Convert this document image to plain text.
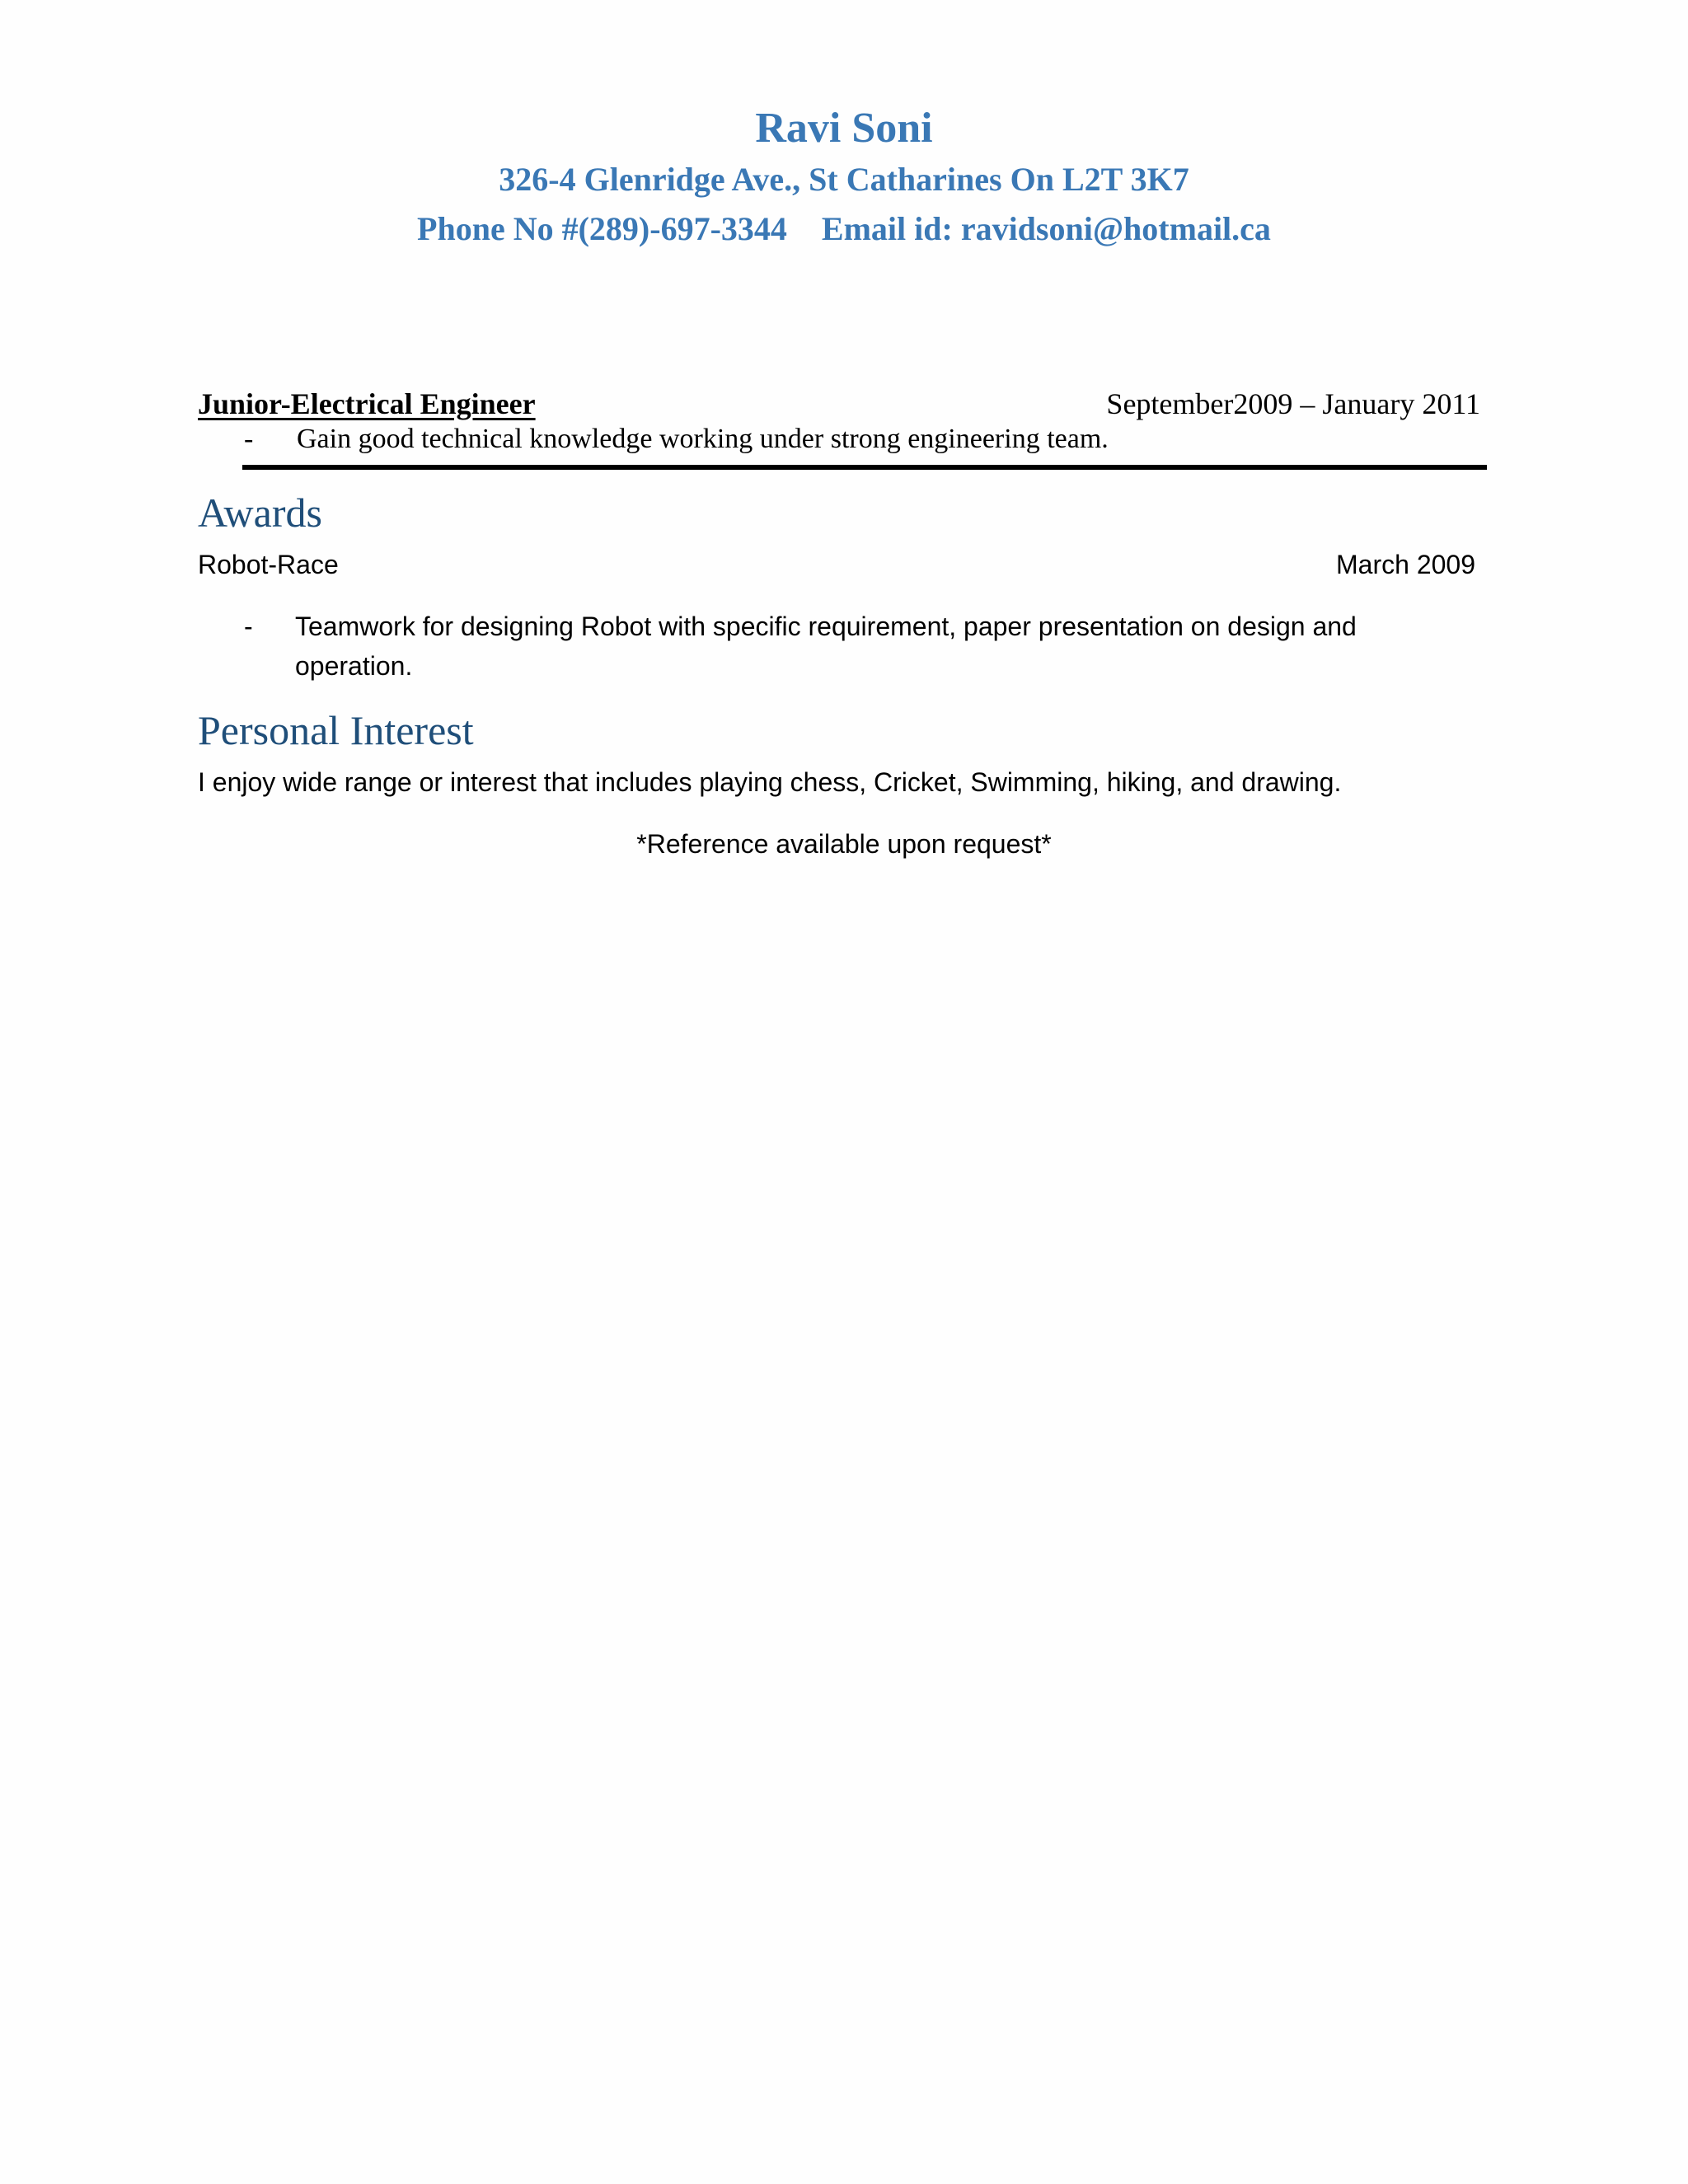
Ravi Soni
326-4 Glenridge Ave., St Catharines On L2T 3K7
Phone No #(289)-697-3344 Email id: ravidsoni@hotmail.ca
Junior-Electrical Engineer	September2009 – January 2011
-	Gain good technical knowledge working under strong engineering team.
Awards
Robot-Race	March 2009
-	Teamwork for designing Robot with specific requirement, paper presentation on design and operation.
Personal Interest
I enjoy wide range or interest that includes playing chess, Cricket, Swimming, hiking, and drawing.
*Reference available upon request*
